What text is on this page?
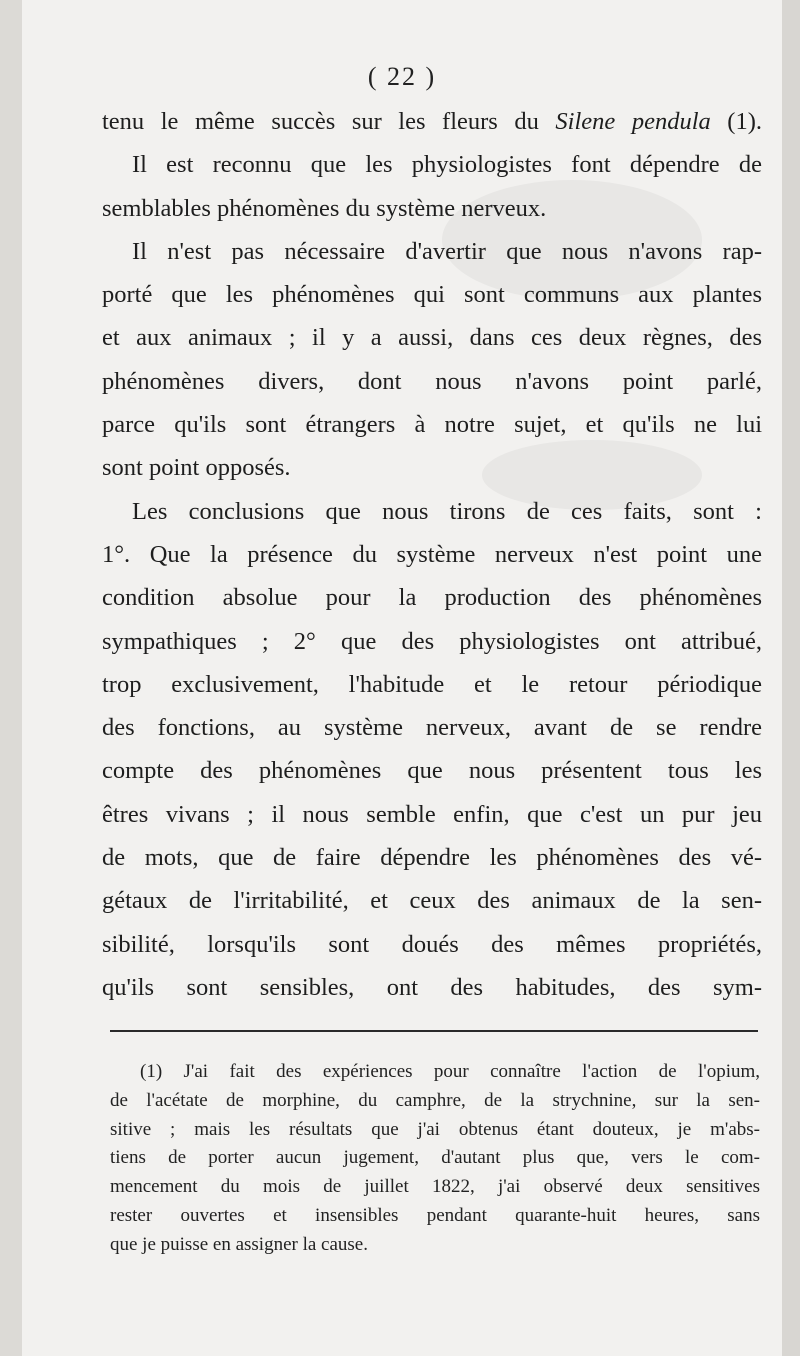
( 22 )
tenu le même succès sur les fleurs du Silene pendula (1).
Il est reconnu que les physiologistes font dépendre de
semblables phénomènes du système nerveux.
Il n'est pas nécessaire d'avertir que nous n'avons rap-
porté que les phénomènes qui sont communs aux plantes
et aux animaux ; il y a aussi, dans ces deux règnes, des
phénomènes divers, dont nous n'avons point parlé,
parce qu'ils sont étrangers à notre sujet, et qu'ils ne lui
sont point opposés.
Les conclusions que nous tirons de ces faits, sont :
1°. Que la présence du système nerveux n'est point une
condition absolue pour la production des phénomènes
sympathiques ; 2° que des physiologistes ont attribué,
trop exclusivement, l'habitude et le retour périodique
des fonctions, au système nerveux, avant de se rendre
compte des phénomènes que nous présentent tous les
êtres vivans ; il nous semble enfin, que c'est un pur jeu
de mots, que de faire dépendre les phénomènes des vé-
gétaux de l'irritabilité, et ceux des animaux de la sen-
sibilité, lorsqu'ils sont doués des mêmes propriétés,
qu'ils sont sensibles, ont des habitudes, des sym-
(1) J'ai fait des expériences pour connaître l'action de l'opium,
de l'acétate de morphine, du camphre, de la strychnine, sur la sen-
sitive ; mais les résultats que j'ai obtenus étant douteux, je m'abs-
tiens de porter aucun jugement, d'autant plus que, vers le com-
mencement du mois de juillet 1822, j'ai observé deux sensitives
rester ouvertes et insensibles pendant quarante-huit heures, sans
que je puisse en assigner la cause.
